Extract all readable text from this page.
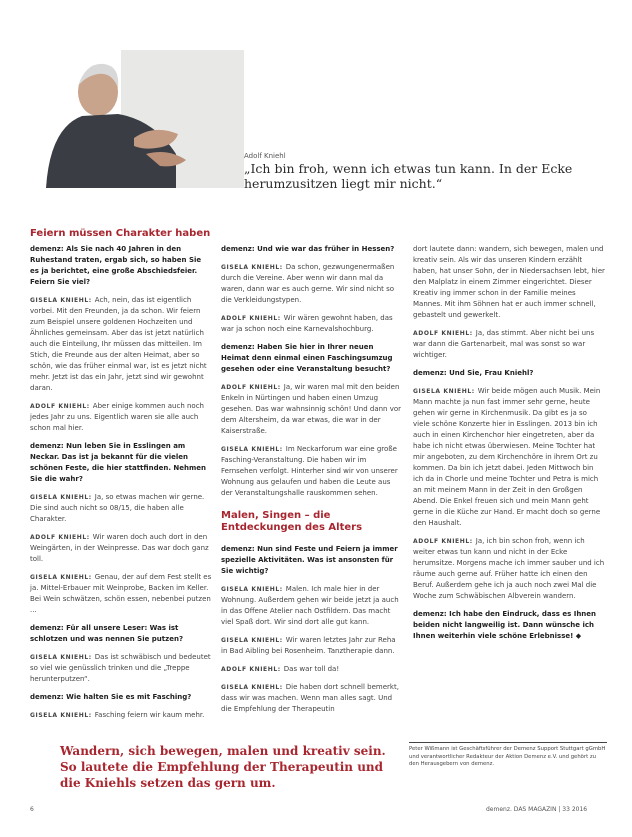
Adolf Kniehl
„Ich bin froh, wenn ich etwas tun kann. In der Ecke herumzusitzen liegt mir nicht.“
Feiern müssen Charakter haben

demenz: Als Sie nach 40 Jahren in den Ruhestand traten, ergab sich, so haben Sie es ja berichtet, eine große Abschiedsfeier. Feiern Sie viel?

GISELA KNIEHL: Ach, nein, das ist eigentlich vorbei. Mit den Freunden, ja da schon. Wir feiern zum Beispiel unsere goldenen Hochzeiten und Ähnliches gemeinsam. Aber das ist jetzt natürlich auch die Einteilung, Ihr müssen das mitteilen. Im Stich, die Freunde aus der alten Heimat, aber so schön, wie das früher einmal war, ist es jetzt nicht mehr. Jetzt ist das ein Jahr, jetzt sind wir gewohnt daran.

ADOLF KNIEHL: Aber einige kommen auch noch jedes Jahr zu uns. Eigentlich waren sie alle auch schon mal hier.

demenz: Nun leben Sie in Esslingen am Neckar. Das ist ja bekannt für die vielen schönen Feste, die hier stattfinden. Nehmen Sie die wahr?

GISELA KNIEHL: Ja, so etwas machen wir gerne. Die sind auch nicht so 08/15, die haben alle Charakter.

ADOLF KNIEHL: Wir waren doch auch dort in den Weingärten, in der Weinpresse. Das war doch ganz toll.

GISELA KNIEHL: Genau, der auf dem Fest stellt es ja. Mittel-Erbauer mit Weinprobe, Backen im Keller. Bei Wein schwätzen, schön essen, nebenbei putzen ...

demenz: Für all unsere Leser: Was ist schlotzen und was nennen Sie putzen?

GISELA KNIEHL: Das ist schwäbisch und bedeutet so viel wie genüsslich trinken und die „Treppe herunterputzen“.

demenz: Wie halten Sie es mit Fasching?

GISELA KNIEHL: Fasching feiern wir kaum mehr.

demenz: Und wie war das früher in Hessen?

GISELA KNIEHL: Da schon, gezwungenermaßen durch die Vereine. Aber wenn wir dann mal da waren, dann war es auch gerne. Wir sind nicht so die Verkleidungstypen.

ADOLF KNIEHL: Wir wären gewohnt haben, das war ja schon noch eine Karnevalshochburg.

demenz: Haben Sie hier in Ihrer neuen Heimat denn einmal einen Faschingsumzug gesehen oder eine Veranstaltung besucht?

ADOLF KNIEHL: Ja, wir waren mal mit den beiden Enkeln in Nürtingen und haben einen Umzug gesehen. Das war wahnsinnig schön! Und dann vor dem Altersheim, da war etwas, die war in der Kaiserstraße.

GISELA KNIEHL: Im Neckarforum war eine große Fasching-Veranstaltung. Die haben wir im Fernsehen verfolgt. Hinterher sind wir von unserer Wohnung aus gelaufen und haben die Leute aus der Veranstaltungshalle rauskommen sehen.

Malen, Singen – die Entdeckungen des Alters

demenz: Nun sind Feste und Feiern ja immer spezielle Aktivitäten. Was ist ansonsten für Sie wichtig?

GISELA KNIEHL: Malen. Ich male hier in der Wohnung. Außerdem gehen wir beide jetzt ja auch in das Offene Atelier nach Ostfildern. Das macht viel Spaß dort. Wir sind dort alle gut kann.

GISELA KNIEHL: Wir waren letztes Jahr zur Reha in Bad Aibling bei Rosenheim. Tanztherapie dann.

ADOLF KNIEHL: Das war toll da!

GISELA KNIEHL: Die haben dort schnell bemerkt, dass wir was machen. Wenn man alles sagt. Und die Empfehlung der Therapeutin

dort lautete dann: wandern, sich bewegen, malen und kreativ sein. Als wir das unseren Kindern erzählt haben, hat unser Sohn, der in Niedersachsen lebt, hier den Malplatz in einem Zimmer eingerichtet. Dieser Kreativ ing immer schon in der Familie meines Mannes. Mit ihm Söhnen hat er auch immer schnell, gebastelt und gewerkelt.

ADOLF KNIEHL: Ja, das stimmt. Aber nicht bei uns war dann die Gartenarbeit, mal was sonst so war wichtiger.

demenz: Und Sie, Frau Kniehl?

GISELA KNIEHL: Wir beide mögen auch Musik. Mein Mann machte ja nun fast immer sehr gerne, heute gehen wir gerne in Kirchenmusik. Da gibt es ja so viele schöne Konzerte hier in Esslingen. 2013 bin ich auch in einen Kirchenchor hier eingetreten, aber da habe ich nicht etwas überwiesen. Meine Tochter hat mir angeboten, zu dem Kirchenchöre in ihrem Ort zu kommen. Da bin ich jetzt dabei. Jeden Mittwoch bin ich da in Chorle und meine Tochter und Petra is mich an mit meinem Mann in der Zeit in den Großgen Abend. Die Enkel freuen sich und mein Mann geht gerne in die Küche zur Hand. Er macht doch so gerne den Haushalt.

ADOLF KNIEHL: Ja, ich bin schon froh, wenn ich weiter etwas tun kann und nicht in der Ecke herumsitze. Morgens mache ich immer sauber und ich räume auch gerne auf. Früher hatte ich einen den Beruf. Außerdem gehe ich ja auch noch zwei Mal die Woche zum Schwäbischen Albverein wandern.

demenz: Ich habe den Eindruck, dass es Ihnen beiden nicht langweilig ist. Dann wünsche ich Ihnen weiterhin viele schöne Erlebnisse! ◆

Wandern, sich bewegen, malen und kreativ sein. So lautete die Empfehlung der Therapeutin und die Kniehls setzen das gern um.
Peter Wißmann ist Geschäftsführer der Demenz Support Stuttgart gGmbH und verantwortlicher Redakteur der Aktion Demenz e.V. und gehört zu den Herausgebern von demenz.
6	demenz. DAS MAGAZIN | 33 2016
